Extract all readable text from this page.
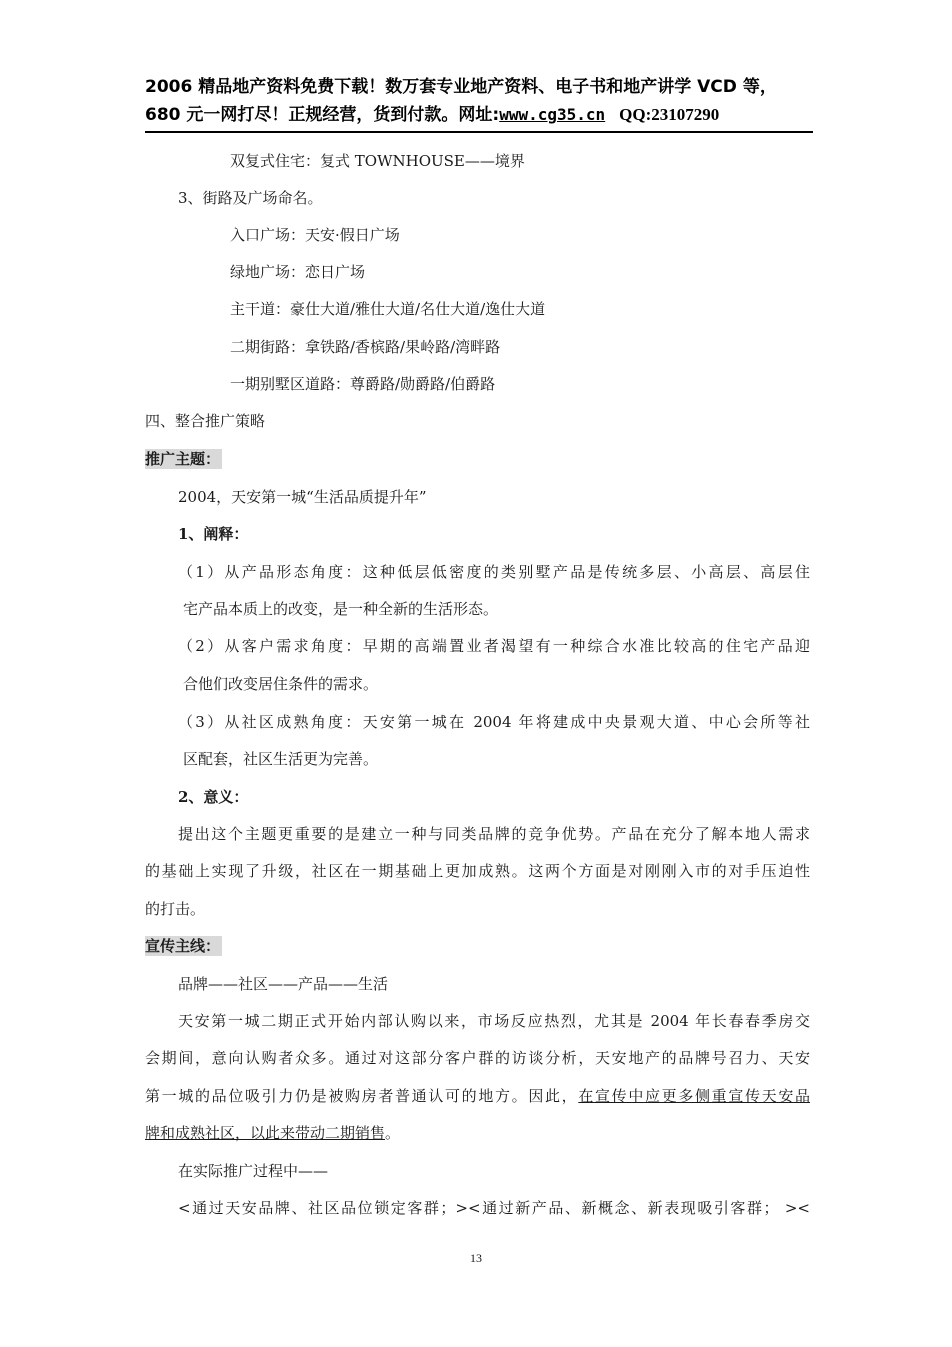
2006 精品地产资料免费下载！数万套专业地产资料、电子书和地产讲学 VCD 等，
680 元一网打尽！正规经营，货到付款。网址:www.cg35.cn QQ:23107290
双复式住宅：复式 TOWNHOUSE——境界
3、街路及广场命名。
入口广场：天安·假日广场
绿地广场：恋日广场
主干道：豪仕大道/雅仕大道/名仕大道/逸仕大道
二期街路：拿铁路/香槟路/果岭路/湾畔路
一期别墅区道路：尊爵路/勋爵路/伯爵路
四、整合推广策略
推广主题：
2004，天安第一城“生活品质提升年”
1、阐释：
（1）从产品形态角度：这种低层低密度的类别墅产品是传统多层、小高层、高层住
宅产品本质上的改变，是一种全新的生活形态。
（2）从客户需求角度：早期的高端置业者渴望有一种综合水准比较高的住宅产品迎
合他们改变居住条件的需求。
（3）从社区成熟角度：天安第一城在 2004 年将建成中央景观大道、中心会所等社
区配套，社区生活更为完善。
2、意义：
提出这个主题更重要的是建立一种与同类品牌的竞争优势。产品在充分了解本地人需求
的基础上实现了升级，社区在一期基础上更加成熟。这两个方面是对刚刚入市的对手压迫性
的打击。
宣传主线：
品牌——社区——产品——生活
天安第一城二期正式开始内部认购以来，市场反应热烈，尤其是 2004 年长春春季房交
会期间，意向认购者众多。通过对这部分客户群的访谈分析，天安地产的品牌号召力、天安
第一城的品位吸引力仍是被购房者普通认可的地方。因此，在宣传中应更多侧重宣传天安品
牌和成熟社区，以此来带动二期销售。
在实际推广过程中——
<通过天安品牌、社区品位锁定客群；><通过新产品、新概念、新表现吸引客群； ><
13
